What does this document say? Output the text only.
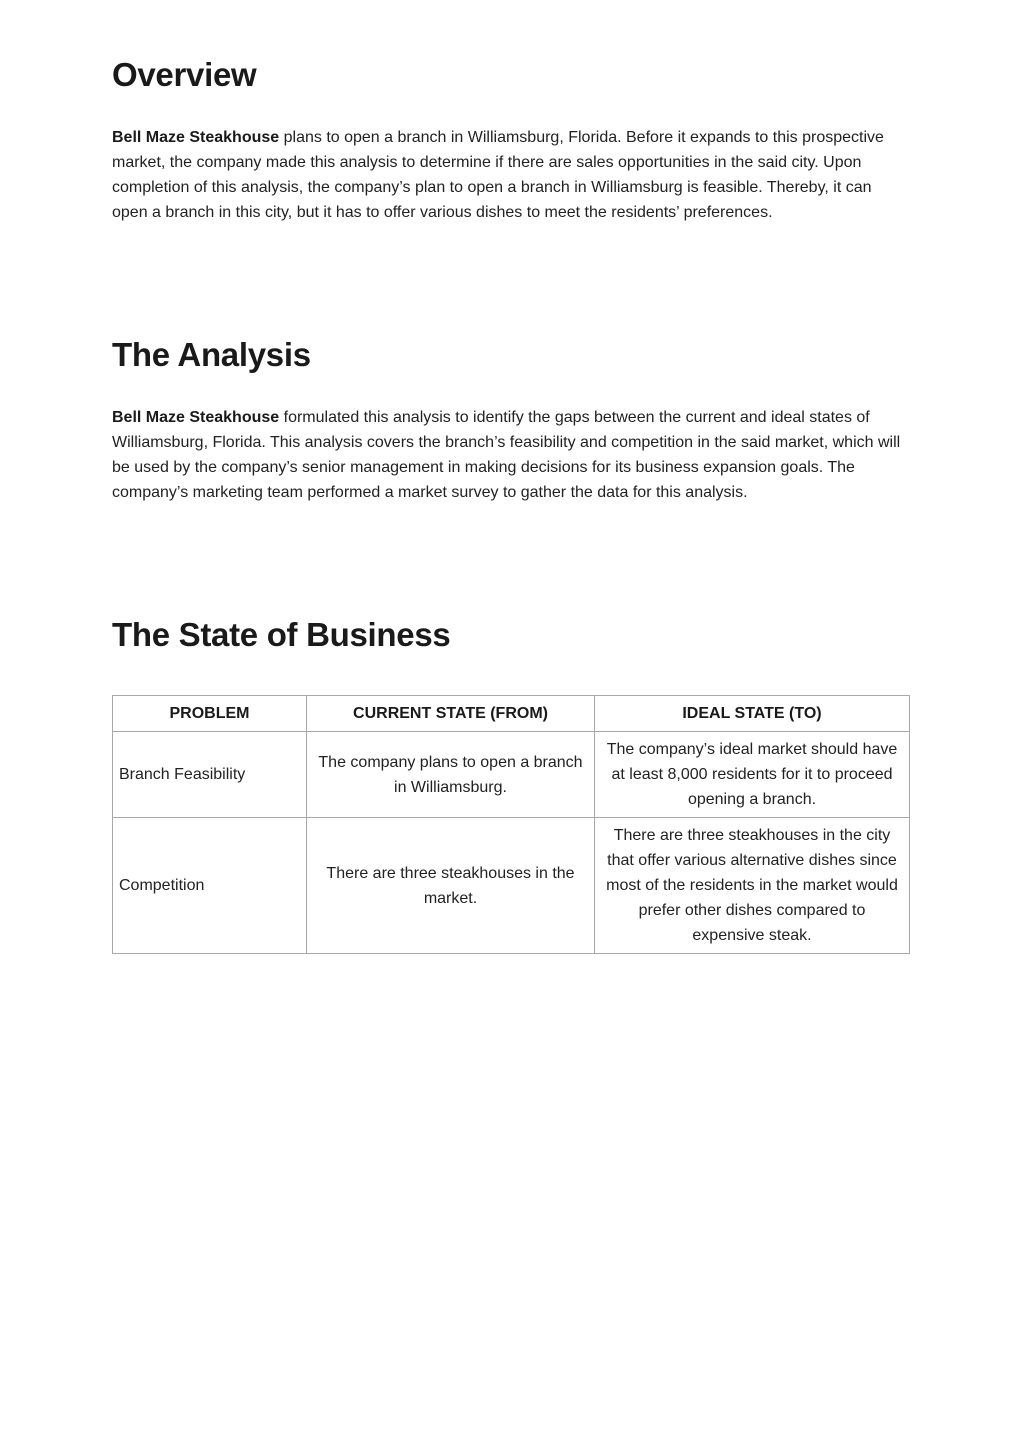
Overview

Bell Maze Steakhouse plans to open a branch in Williamsburg, Florida. Before it expands to this prospective market, the company made this analysis to determine if there are sales opportunities in the said city. Upon completion of this analysis, the company’s plan to open a branch in Williamsburg is feasible. Thereby, it can open a branch in this city, but it has to offer various dishes to meet the residents’ preferences.

The Analysis

Bell Maze Steakhouse formulated this analysis to identify the gaps between the current and ideal states of Williamsburg, Florida. This analysis covers the branch’s feasibility and competition in the said market, which will be used by the company’s senior management in making decisions for its business expansion goals. The company’s marketing team performed a market survey to gather the data for this analysis.

The State of Business
PROBLEM	CURRENT STATE (FROM)	IDEAL STATE (TO)
Branch Feasibility	The company plans to open a branch in Williamsburg.	The company’s ideal market should have at least 8,000 residents for it to proceed opening a branch.
Competition	There are three steakhouses in the market.	There are three steakhouses in the city that offer various alternative dishes since most of the residents in the market would prefer other dishes compared to expensive steak.
